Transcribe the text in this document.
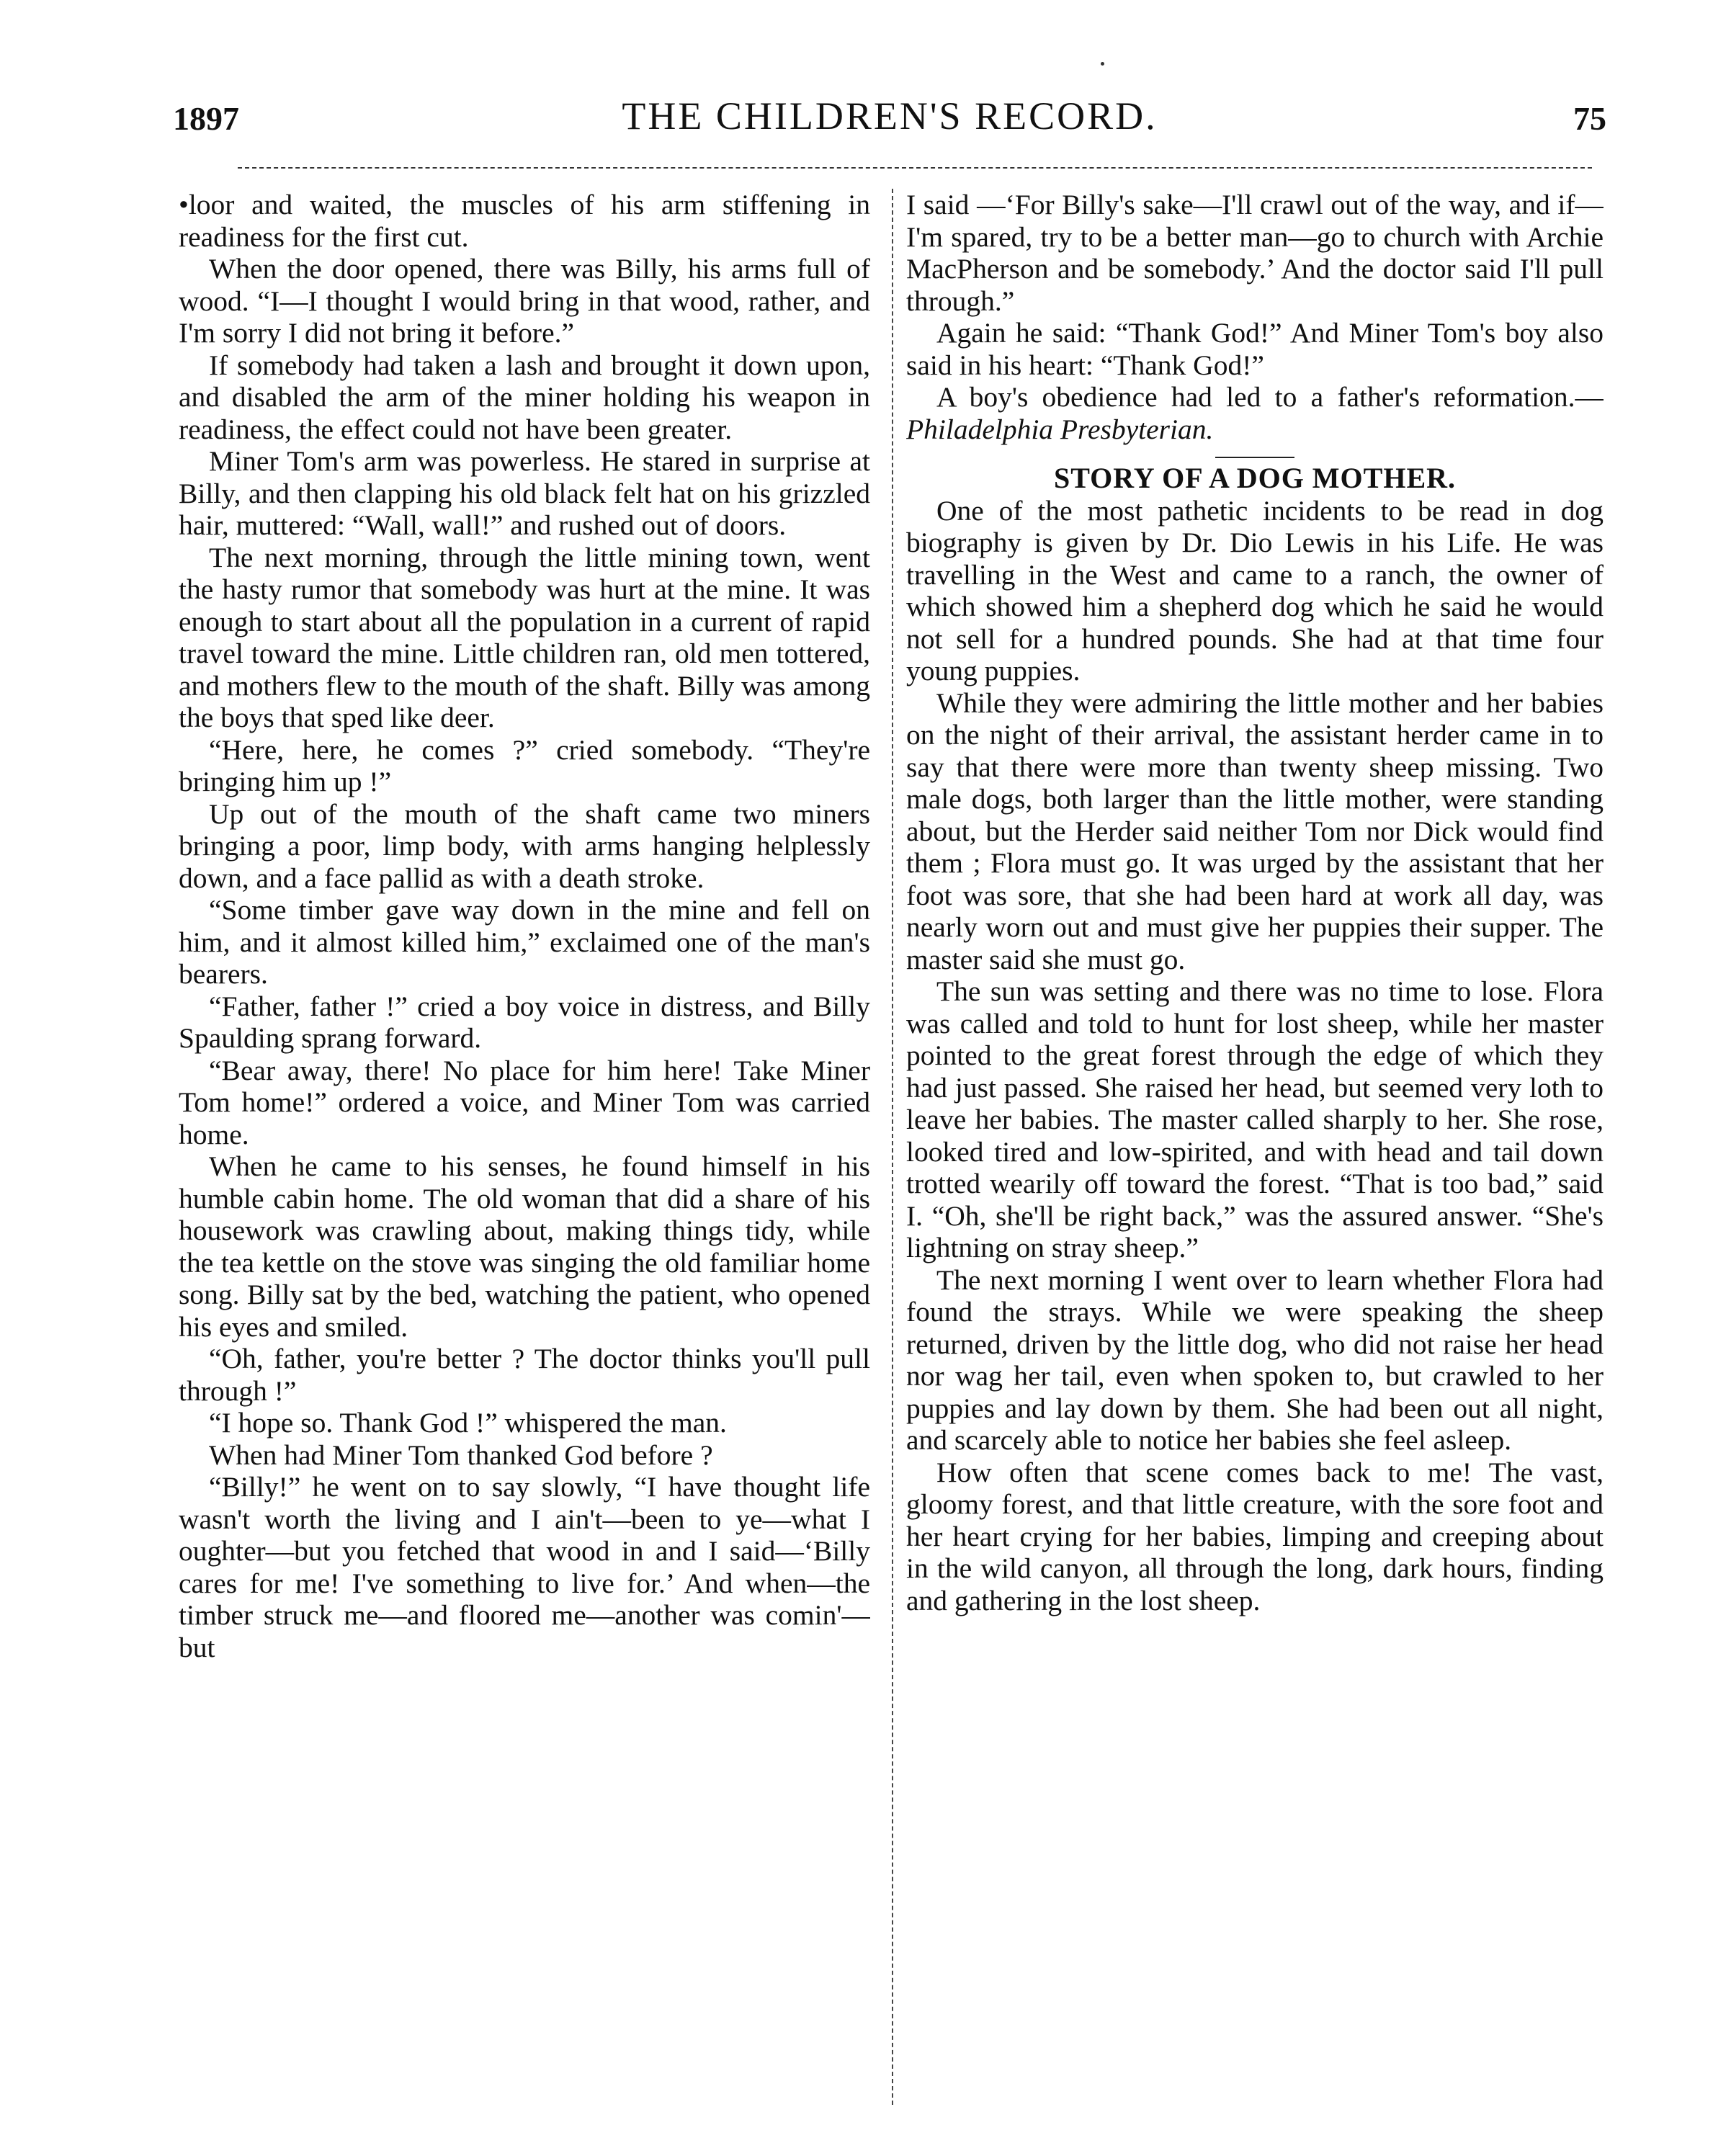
1897	THE CHILDREN'S RECORD.	75

•loor and waited, the muscles of his arm stiffening in readiness for the first cut.

When the door opened, there was Billy, his arms full of wood. “I—I thought I would bring in that wood, rather, and I'm sorry I did not bring it before.”

If somebody had taken a lash and brought it down upon, and disabled the arm of the miner holding his weapon in readiness, the effect could not have been greater.

Miner Tom's arm was powerless. He stared in surprise at Billy, and then clapping his old black felt hat on his grizzled hair, muttered: “Wall, wall!” and rushed out of doors.

The next morning, through the little mining town, went the hasty rumor that somebody was hurt at the mine. It was enough to start about all the population in a current of rapid travel toward the mine. Little children ran, old men tottered, and mothers flew to the mouth of the shaft. Billy was among the boys that sped like deer.

“Here, here, he comes ?” cried somebody. “They're bringing him up !”

Up out of the mouth of the shaft came two miners bringing a poor, limp body, with arms hanging helplessly down, and a face pallid as with a death stroke.

“Some timber gave way down in the mine and fell on him, and it almost killed him,” exclaimed one of the man's bearers.

“Father, father !” cried a boy voice in distress, and Billy Spaulding sprang forward.

“Bear away, there! No place for him here! Take Miner Tom home!” ordered a voice, and Miner Tom was carried home.

When he came to his senses, he found himself in his humble cabin home. The old woman that did a share of his housework was crawling about, making things tidy, while the tea kettle on the stove was singing the old familiar home song. Billy sat by the bed, watching the patient, who opened his eyes and smiled.

“Oh, father, you're better ? The doctor thinks you'll pull through !”

“I hope so. Thank God !” whispered the man.

When had Miner Tom thanked God before ?

“Billy!” he went on to say slowly, “I have thought life wasn't worth the living and I ain't—been to ye—what I oughter—but you fetched that wood in and I said—‘Billy cares for me! I've something to live for.’ And when—the timber struck me—and floored me—another was comin'—but

I said —‘For Billy's sake—I'll crawl out of the way, and if—I'm spared, try to be a better man—go to church with Archie MacPherson and be somebody.’ And the doctor said I'll pull through.”

Again he said: “Thank God!” And Miner Tom's boy also said in his heart: “Thank God!”

A boy's obedience had led to a father's reformation.—Philadelphia Presbyterian.

STORY OF A DOG MOTHER.

One of the most pathetic incidents to be read in dog biography is given by Dr. Dio Lewis in his Life. He was travelling in the West and came to a ranch, the owner of which showed him a shepherd dog which he said he would not sell for a hundred pounds. She had at that time four young puppies.

While they were admiring the little mother and her babies on the night of their arrival, the assistant herder came in to say that there were more than twenty sheep missing. Two male dogs, both larger than the little mother, were standing about, but the Herder said neither Tom nor Dick would find them ; Flora must go. It was urged by the assistant that her foot was sore, that she had been hard at work all day, was nearly worn out and must give her puppies their supper. The master said she must go.

The sun was setting and there was no time to lose. Flora was called and told to hunt for lost sheep, while her master pointed to the great forest through the edge of which they had just passed. She raised her head, but seemed very loth to leave her babies. The master called sharply to her. She rose, looked tired and low-spirited, and with head and tail down trotted wearily off toward the forest. “That is too bad,” said I. “Oh, she'll be right back,” was the assured answer. “She's lightning on stray sheep.”

The next morning I went over to learn whether Flora had found the strays. While we were speaking the sheep returned, driven by the little dog, who did not raise her head nor wag her tail, even when spoken to, but crawled to her puppies and lay down by them. She had been out all night, and scarcely able to notice her babies she feel asleep.

How often that scene comes back to me! The vast, gloomy forest, and that little creature, with the sore foot and her heart crying for her babies, limping and creeping about in the wild canyon, all through the long, dark hours, finding and gathering in the lost sheep.
